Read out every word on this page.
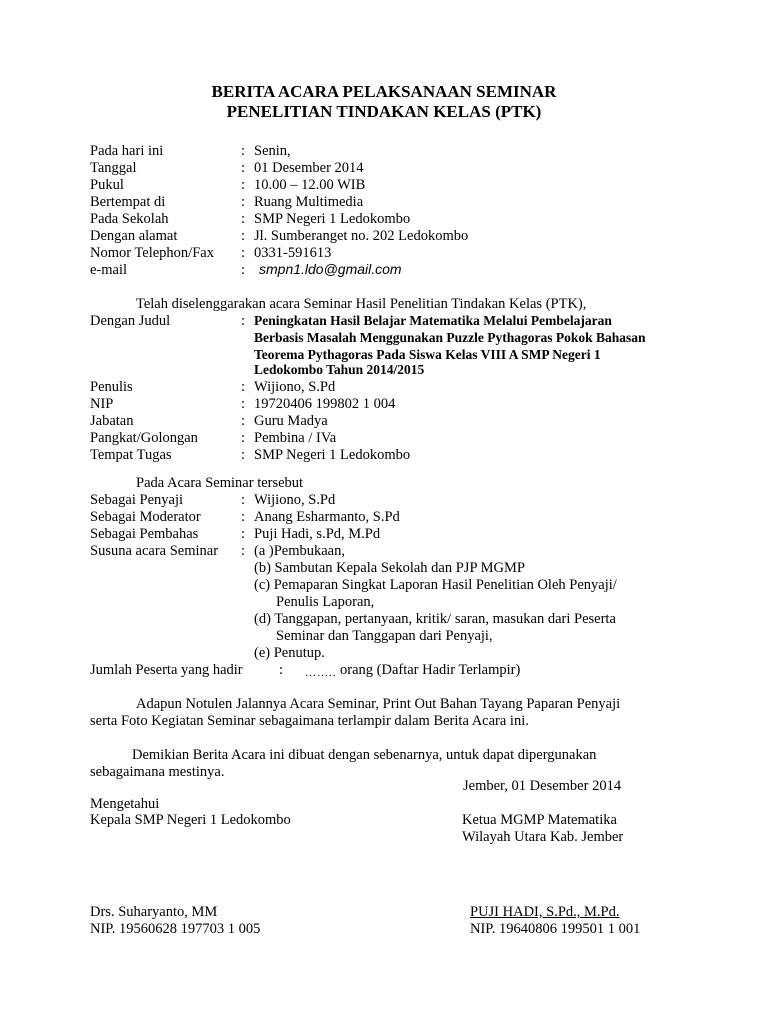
BERITA ACARA PELAKSANAAN SEMINAR
PENELITIAN TINDAKAN KELAS (PTK)
Pada hari ini	: Senin,
Tanggal	: 01 Desember 2014
Pukul	: 10.00 – 12.00 WIB
Bertempat di	: Ruang Multimedia
Pada Sekolah	: SMP Negeri 1 Ledokombo
Dengan alamat	: Jl. Sumberanget no. 202 Ledokombo
Nomor Telephon/Fax : 0331-591613
e-mail	: smpn1.ldo@gmail.com
Telah diselenggarakan acara Seminar Hasil Penelitian Tindakan Kelas (PTK),
Dengan Judul	: Peningkatan Hasil Belajar Matematika Melalui Pembelajaran
Berbasis Masalah Menggunakan Puzzle Pythagoras Pokok Bahasan
Teorema Pythagoras Pada Siswa Kelas VIII A SMP Negeri 1
Ledokombo Tahun 2014/2015
Penulis	: Wijiono, S.Pd
NIP	: 19720406 199802 1 004
Jabatan	: Guru Madya
Pangkat/Golongan	: Pembina / IVa
Tempat Tugas	: SMP Negeri 1 Ledokombo
Pada Acara Seminar tersebut
Sebagai Penyaji	: Wijiono, S.Pd
Sebagai Moderator	: Anang Esharmanto, S.Pd
Sebagai Pembahas	: Puji Hadi, s.Pd, M.Pd
Susuna acara Seminar : (a )Pembukaan,
(b) Sambutan Kepala Sekolah dan PJP MGMP
(c) Pemaparan Singkat Laporan Hasil Penelitian Oleh Penyaji/
Penulis Laporan,
(d) Tanggapan, pertanyaan, kritik/ saran, masukan dari Peserta
Seminar dan Tanggapan dari Penyaji,
(e) Penutup.
Jumlah Peserta yang hadir	: …….. orang (Daftar Hadir Terlampir)
Adapun Notulen Jalannya Acara Seminar, Print Out Bahan Tayang Paparan Penyaji
serta Foto Kegiatan Seminar sebagaimana terlampir dalam Berita Acara ini.
Demikian Berita Acara ini dibuat dengan sebenarnya, untuk dapat dipergunakan
sebagaimana mestinya.
Jember, 01 Desember 2014
Mengetahui
Kepala SMP Negeri 1 Ledokombo	Ketua MGMP Matematika
Wilayah Utara Kab. Jember
Drs. Suharyanto, MM
NIP. 19560628 197703 1 005
PUJI HADI, S.Pd., M.Pd.
NIP. 19640806 199501 1 001
